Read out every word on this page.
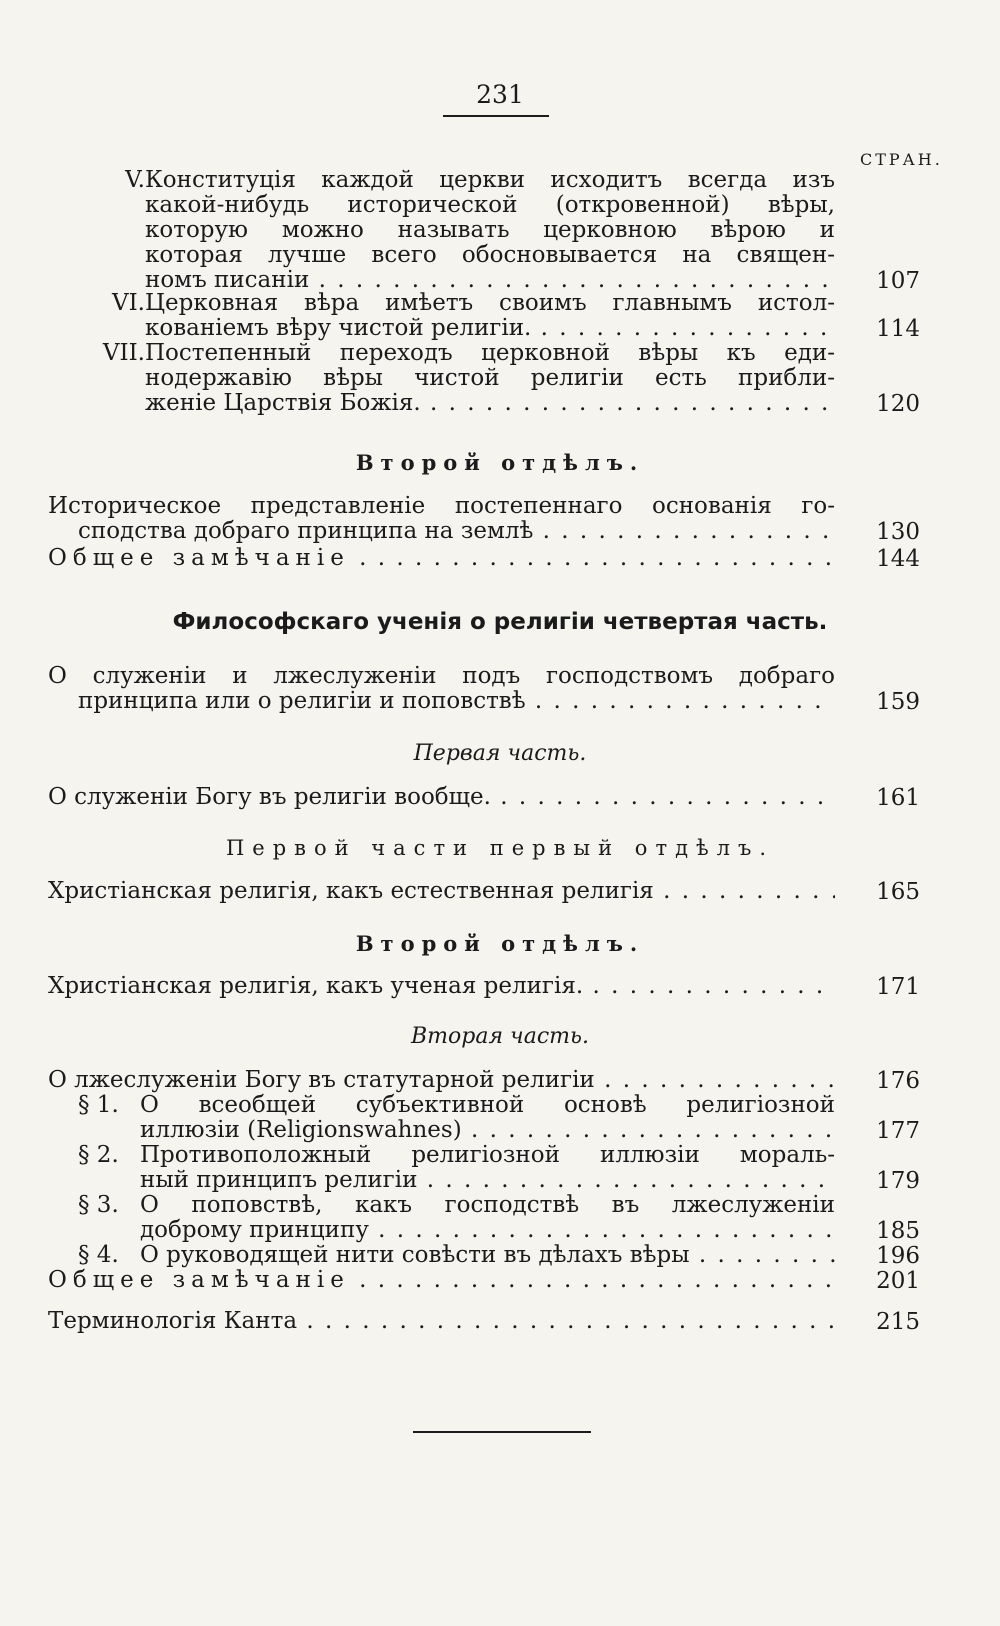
231
СТРАН.
V. Конституція каждой церкви исходитъ всегда изъ
какой-нибудь исторической (откровенной) вѣры,
которую можно называть церковною вѣрою и
которая лучше всего обосновывается на священ-
номъ писаніи . . .	107
VI. Церковная вѣра имѣетъ своимъ главнымъ истол-
кованіемъ вѣру чистой религіи. . . .	114
VII. Постепенный переходъ церковной вѣры къ еди-
нодержавію вѣры чистой религіи есть прибли-
женіе Царствія Божія. . . .	120
Второй отдѣлъ.
Историческое представленіе постепеннаго основанія го-
сподства добраго принципа на землѣ . . .	130
Общее замѣчаніе . . .	144
Философскаго ученія о религіи четвертая часть.
О служеніи и лжеслуженіи подъ господствомъ добраго
принципа или о религіи и поповствѣ . . .	159
Первая часть.
О служеніи Богу въ религіи вообще. . . .	161
Первой части первый отдѣлъ.
Христіанская религія, какъ естественная религія . . .	165
Второй отдѣлъ.
Христіанская религія, какъ ученая религія. . . .	171
Вторая часть.
О лжеслуженіи Богу въ статутарной религіи . . .	176
§ 1. О всеобщей субъективной основѣ религіозной
иллюзіи (Religionswahnes) . . .	177
§ 2. Противоположный религіозной иллюзіи мораль-
ный принципъ религіи . . .	179
§ 3. О поповствѣ, какъ господствѣ въ лжеслуженіи
доброму принципу . . .	185
§ 4. О руководящей нити совѣсти въ дѣлахъ вѣры . . .	196
Общее замѣчаніе . . .	201
Терминологія Канта . . .	215
